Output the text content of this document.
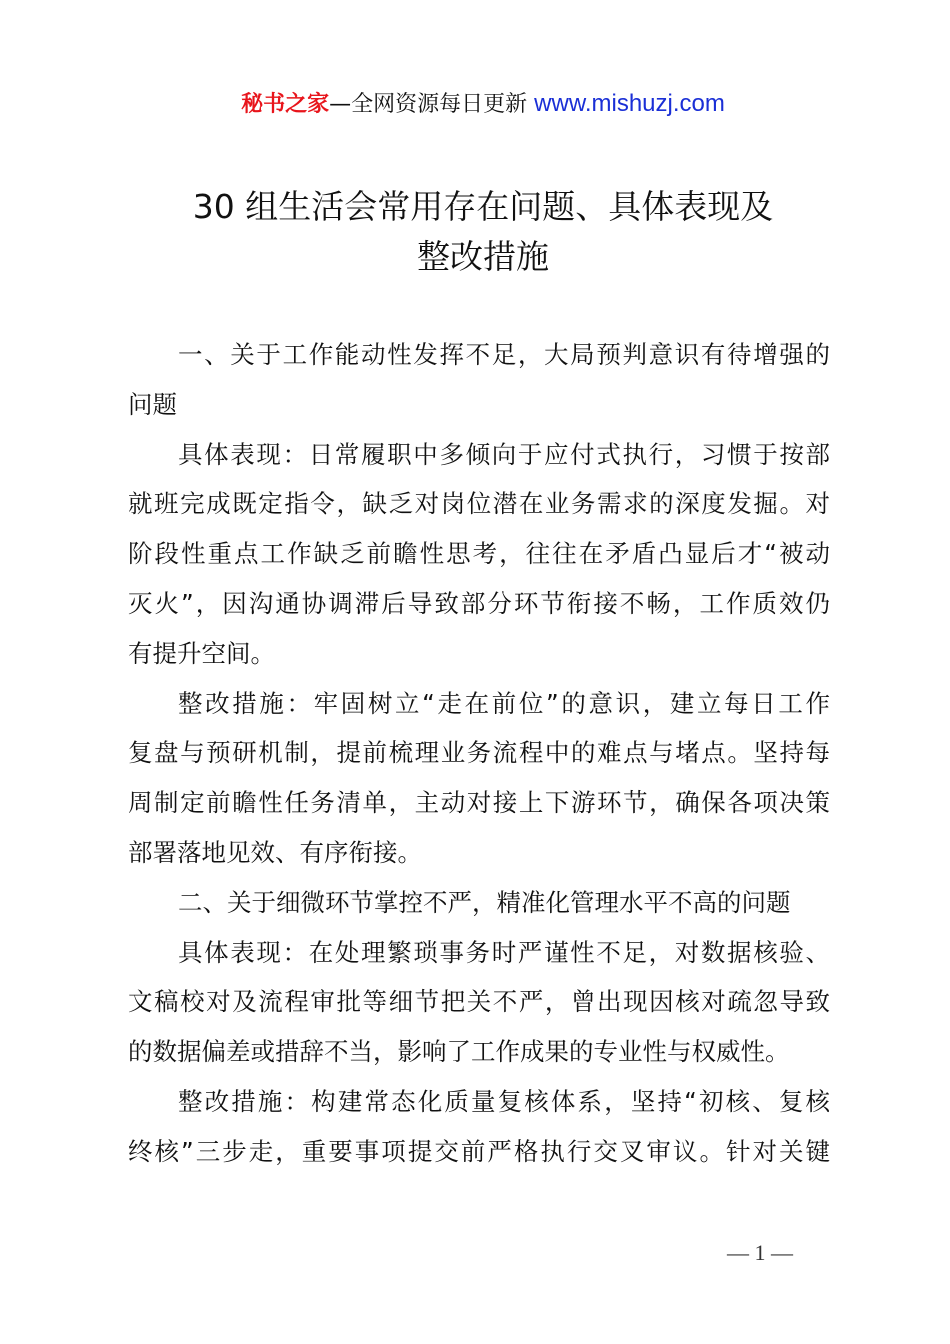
秘书之家—全网资源每日更新 www.mishuzj.com
30 组生活会常用存在问题、具体表现及
整改措施
一、关于工作能动性发挥不足，大局预判意识有待增强的
问题
具体表现：日常履职中多倾向于应付式执行，习惯于按部
就班完成既定指令，缺乏对岗位潜在业务需求的深度发掘。对
阶段性重点工作缺乏前瞻性思考，往往在矛盾凸显后才“被动
灭火”，因沟通协调滞后导致部分环节衔接不畅，工作质效仍
有提升空间。
整改措施：牢固树立“走在前位”的意识，建立每日工作
复盘与预研机制，提前梳理业务流程中的难点与堵点。坚持每
周制定前瞻性任务清单，主动对接上下游环节，确保各项决策
部署落地见效、有序衔接。
二、关于细微环节掌控不严，精准化管理水平不高的问题
具体表现：在处理繁琐事务时严谨性不足，对数据核验、
文稿校对及流程审批等细节把关不严，曾出现因核对疏忽导致
的数据偏差或措辞不当，影响了工作成果的专业性与权威性。
整改措施：构建常态化质量复核体系，坚持“初核、复核
终核”三步走，重要事项提交前严格执行交叉审议。针对关键
— 1 —
